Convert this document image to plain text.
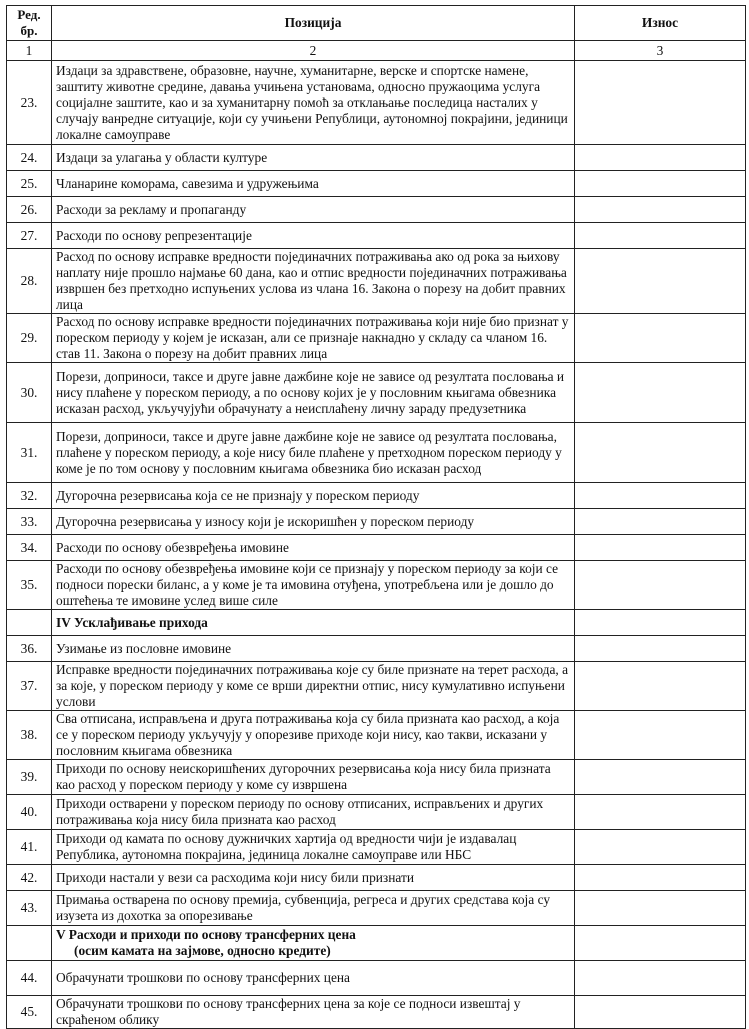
Ред. бр.	Позиција	Износ
1	2	3
23.	Издаци за здравствене, образовне, научне, хуманитарне, верске и спортске намене, заштиту животне средине, давања учињена установама, односно пружаоцима услуга социјалне заштите, као и за хуманитарну помоћ за отклањање последица насталих у случају ванредне ситуације, који су учињени Републици, аутономној покрајини, јединици локалне самоуправе	

24.	Издаци за улагања у области културе	

25.	Чланарине коморама, савезима и удружењима	

26.	Расходи за рекламу и пропаганду	

27.	Расходи по основу репрезентације	

28.	Расход по основу исправке вредности појединачних потраживања ако од рока за њихову наплату није прошло најмање 60 дана, као и отпис вредности појединачних потраживања извршен без претходно испуњених услова из члана 16. Закона о порезу на добит правних лица	

29.	Расход по основу исправке вредности појединачних потраживања који није био признат у пореском периоду у којем је исказан, али се признаје накнадно у складу са чланом 16. став 11. Закона о порезу на добит правних лица	

30.	Порези, доприноси, таксе и друге јавне дажбине које не зависе од резултата пословања и нису плаћене у пореском периоду, а по основу којих је у пословним књигама обвезника исказан расход, укључујући обрачунату а неисплаћену личну зараду предузетника	

31.	Порези, доприноси, таксе и друге јавне дажбине које не зависе од резултата пословања, плаћене у пореском периоду, а које нису биле плаћене у претходном пореском периоду у коме је по том основу у пословним књигама обвезника био исказан расход	

32.	Дугорочна резервисања која се не признају у пореском периоду	

33.	Дугорочна резервисања у износу који је искоришћен у пореском периоду	

34.	Расходи по основу обезвређења имовине	

35.	Расходи по основу обезвређења имовине који се признају у пореском периоду за који се подноси порески биланс, а у коме је та имовина отуђена, употребљена или је дошло до оштећења те имовине услед више силе	

	IV Усклађивање прихода	

36.	Узимање из пословне имовине	

37.	Исправке вредности појединачних потраживања које су биле признате на терет расхода, а за које, у пореском периоду у коме се врши директни отпис, нису кумулативно испуњени услови	

38.	Сва отписана, исправљена и друга потраживања која су била призната као расход, а која се у пореском периоду укључују у опорезиве приходе који нису, као такви, исказани у пословним књигама обвезника	

39.	Приходи по основу неискоришћених дугорочних резервисања која нису била призната као расход у пореском периоду у коме су извршена	

40.	Приходи остварени у пореском периоду по основу отписаних, исправљених и других потраживања која нису била призната као расход	

41.	Приходи од камата по основу дужничких хартија од вредности чији је издавалац Република, аутономна покрајина, јединица локалне самоуправе или НБС	

42.	Приходи настали у вези са расходима који нису били признати	

43.	Примања остварена по основу премија, субвенција, регреса и других средстава која су изузета из дохотка за опорезивање	

	V Расходи и приходи по основу трансферних цена
(осим камата на зајмове, односно кредите)	

44.	Обрачунати трошкови по основу трансферних цена	

45.	Обрачунати трошкови по основу трансферних цена за које се подноси извештај у скраћеном облику	
